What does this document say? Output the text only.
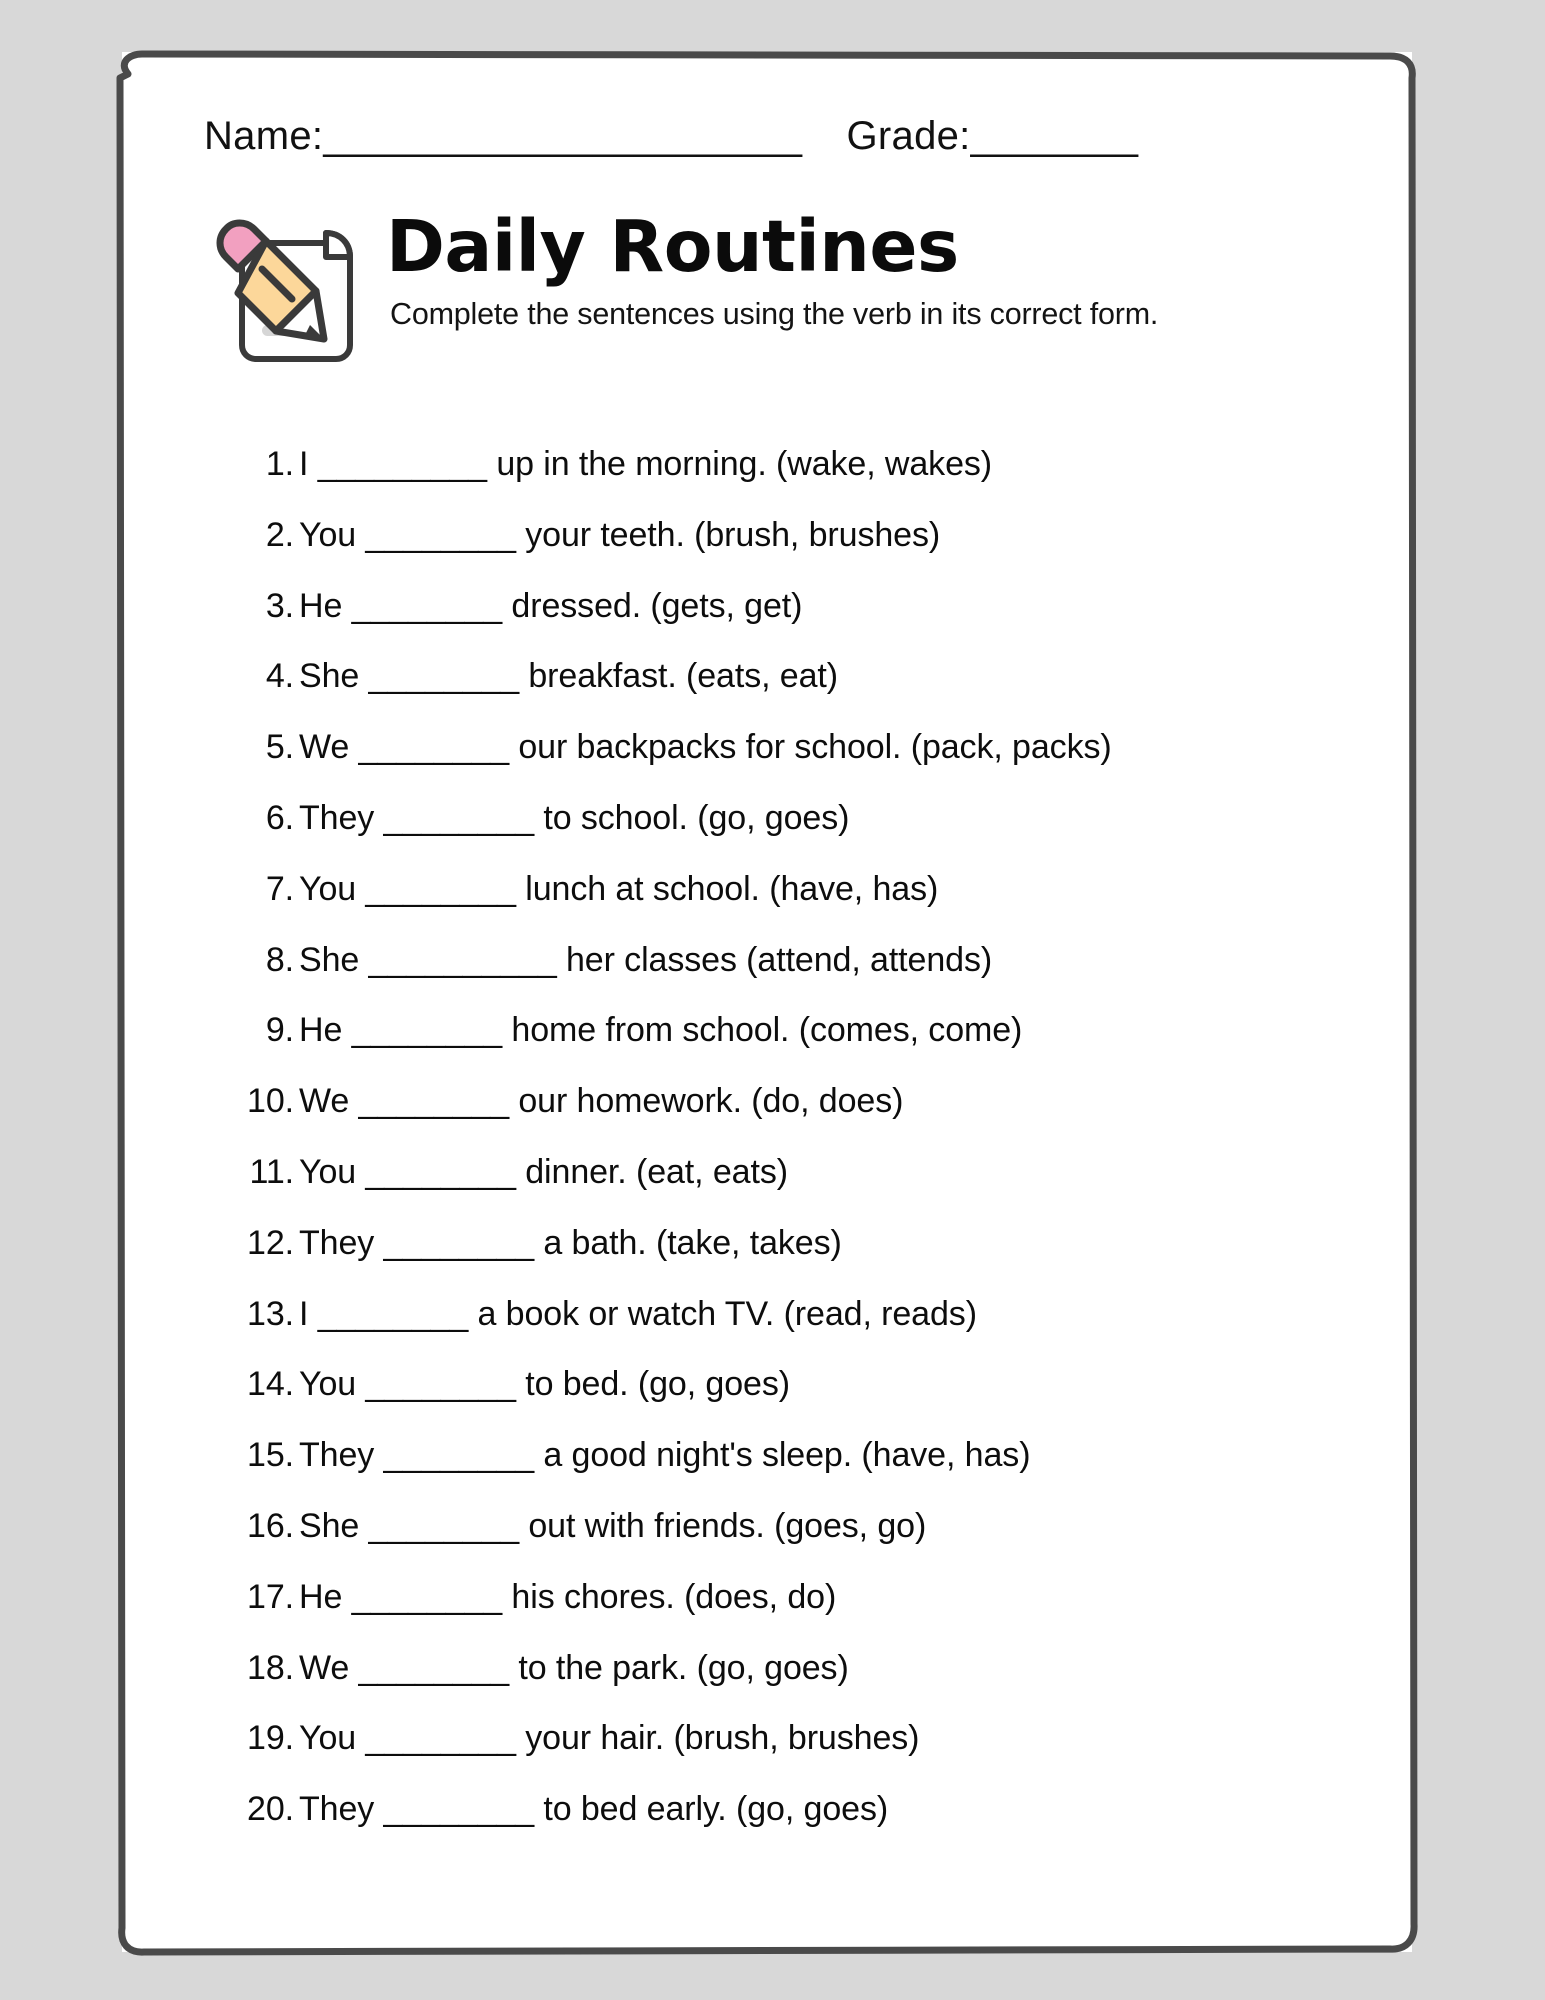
Name: _______________________ Grade: ________
Daily Routines

Complete the sentences using the verb in its correct form.

1. I _________ up in the morning. (wake, wakes)
2. You ________ your teeth. (brush, brushes)
3. He ________ dressed. (gets, get)
4. She ________ breakfast. (eats, eat)
5. We ________ our backpacks for school. (pack, packs)
6. They ________ to school. (go, goes)
7. You ________ lunch at school. (have, has)
8. She __________ her classes (attend, attends)
9. He ________ home from school. (comes, come)
10. We ________ our homework. (do, does)
11. You ________ dinner. (eat, eats)
12. They ________ a bath. (take, takes)
13. I ________ a book or watch TV. (read, reads)
14. You ________ to bed. (go, goes)
15. They ________ a good night's sleep. (have, has)
16. She ________ out with friends. (goes, go)
17. He ________ his chores. (does, do)
18. We ________ to the park. (go, goes)
19. You ________ your hair. (brush, brushes)
20. They ________ to bed early. (go, goes)
